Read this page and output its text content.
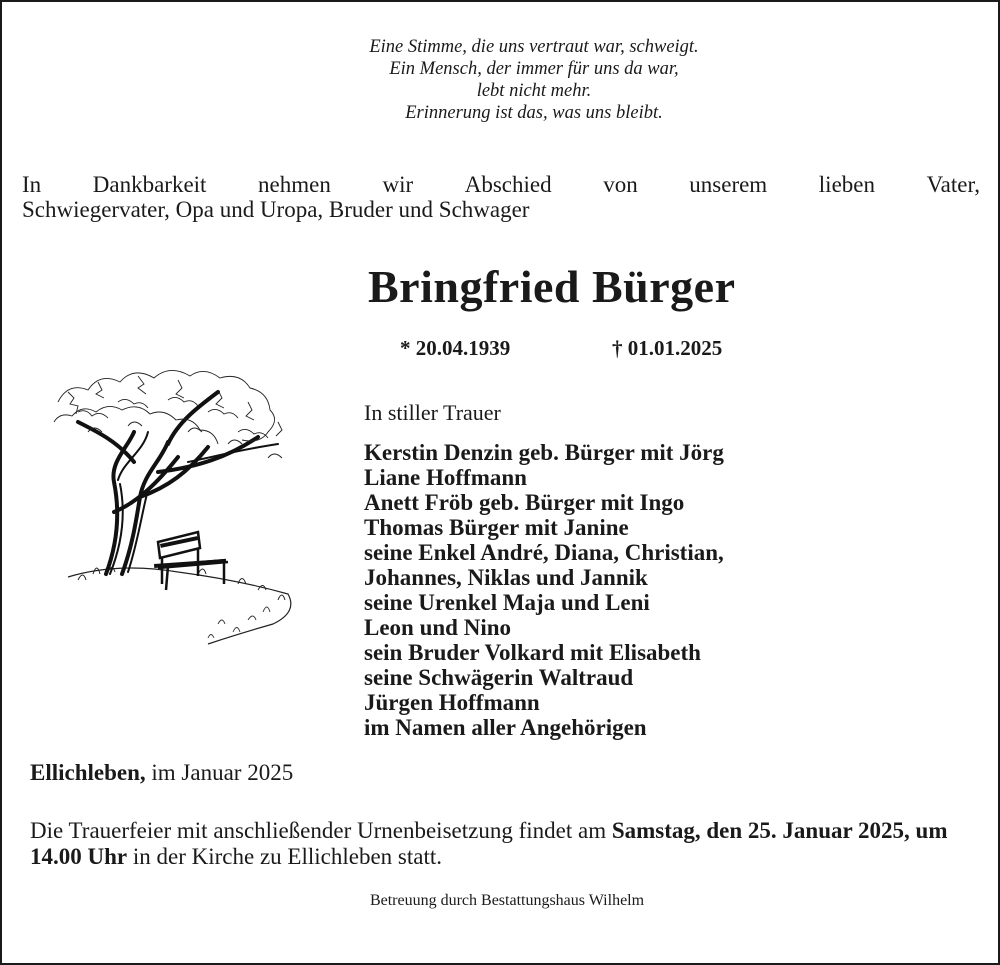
Eine Stimme, die uns vertraut war, schweigt.
Ein Mensch, der immer für uns da war,
lebt nicht mehr.
Erinnerung ist das, was uns bleibt.
In Dankbarkeit nehmen wir Abschied von unserem lieben Vater,
Schwiegervater, Opa und Uropa, Bruder und Schwager
Bringfried Bürger
* 20.04.1939	† 01.01.2025
In stiller Trauer
Kerstin Denzin geb. Bürger mit Jörg
Liane Hoffmann
Anett Fröb geb. Bürger mit Ingo
Thomas Bürger mit Janine
seine Enkel André, Diana, Christian,
Johannes, Niklas und Jannik
seine Urenkel Maja und Leni
Leon und Nino
sein Bruder Volkard mit Elisabeth
seine Schwägerin Waltraud
Jürgen Hoffmann
im Namen aller Angehörigen
Ellichleben, im Januar 2025
Die Trauerfeier mit anschließender Urnenbeisetzung findet am Samstag, den 25. Januar 2025, um 14.00 Uhr in der Kirche zu Ellichleben statt.
Betreuung durch Bestattungshaus Wilhelm
